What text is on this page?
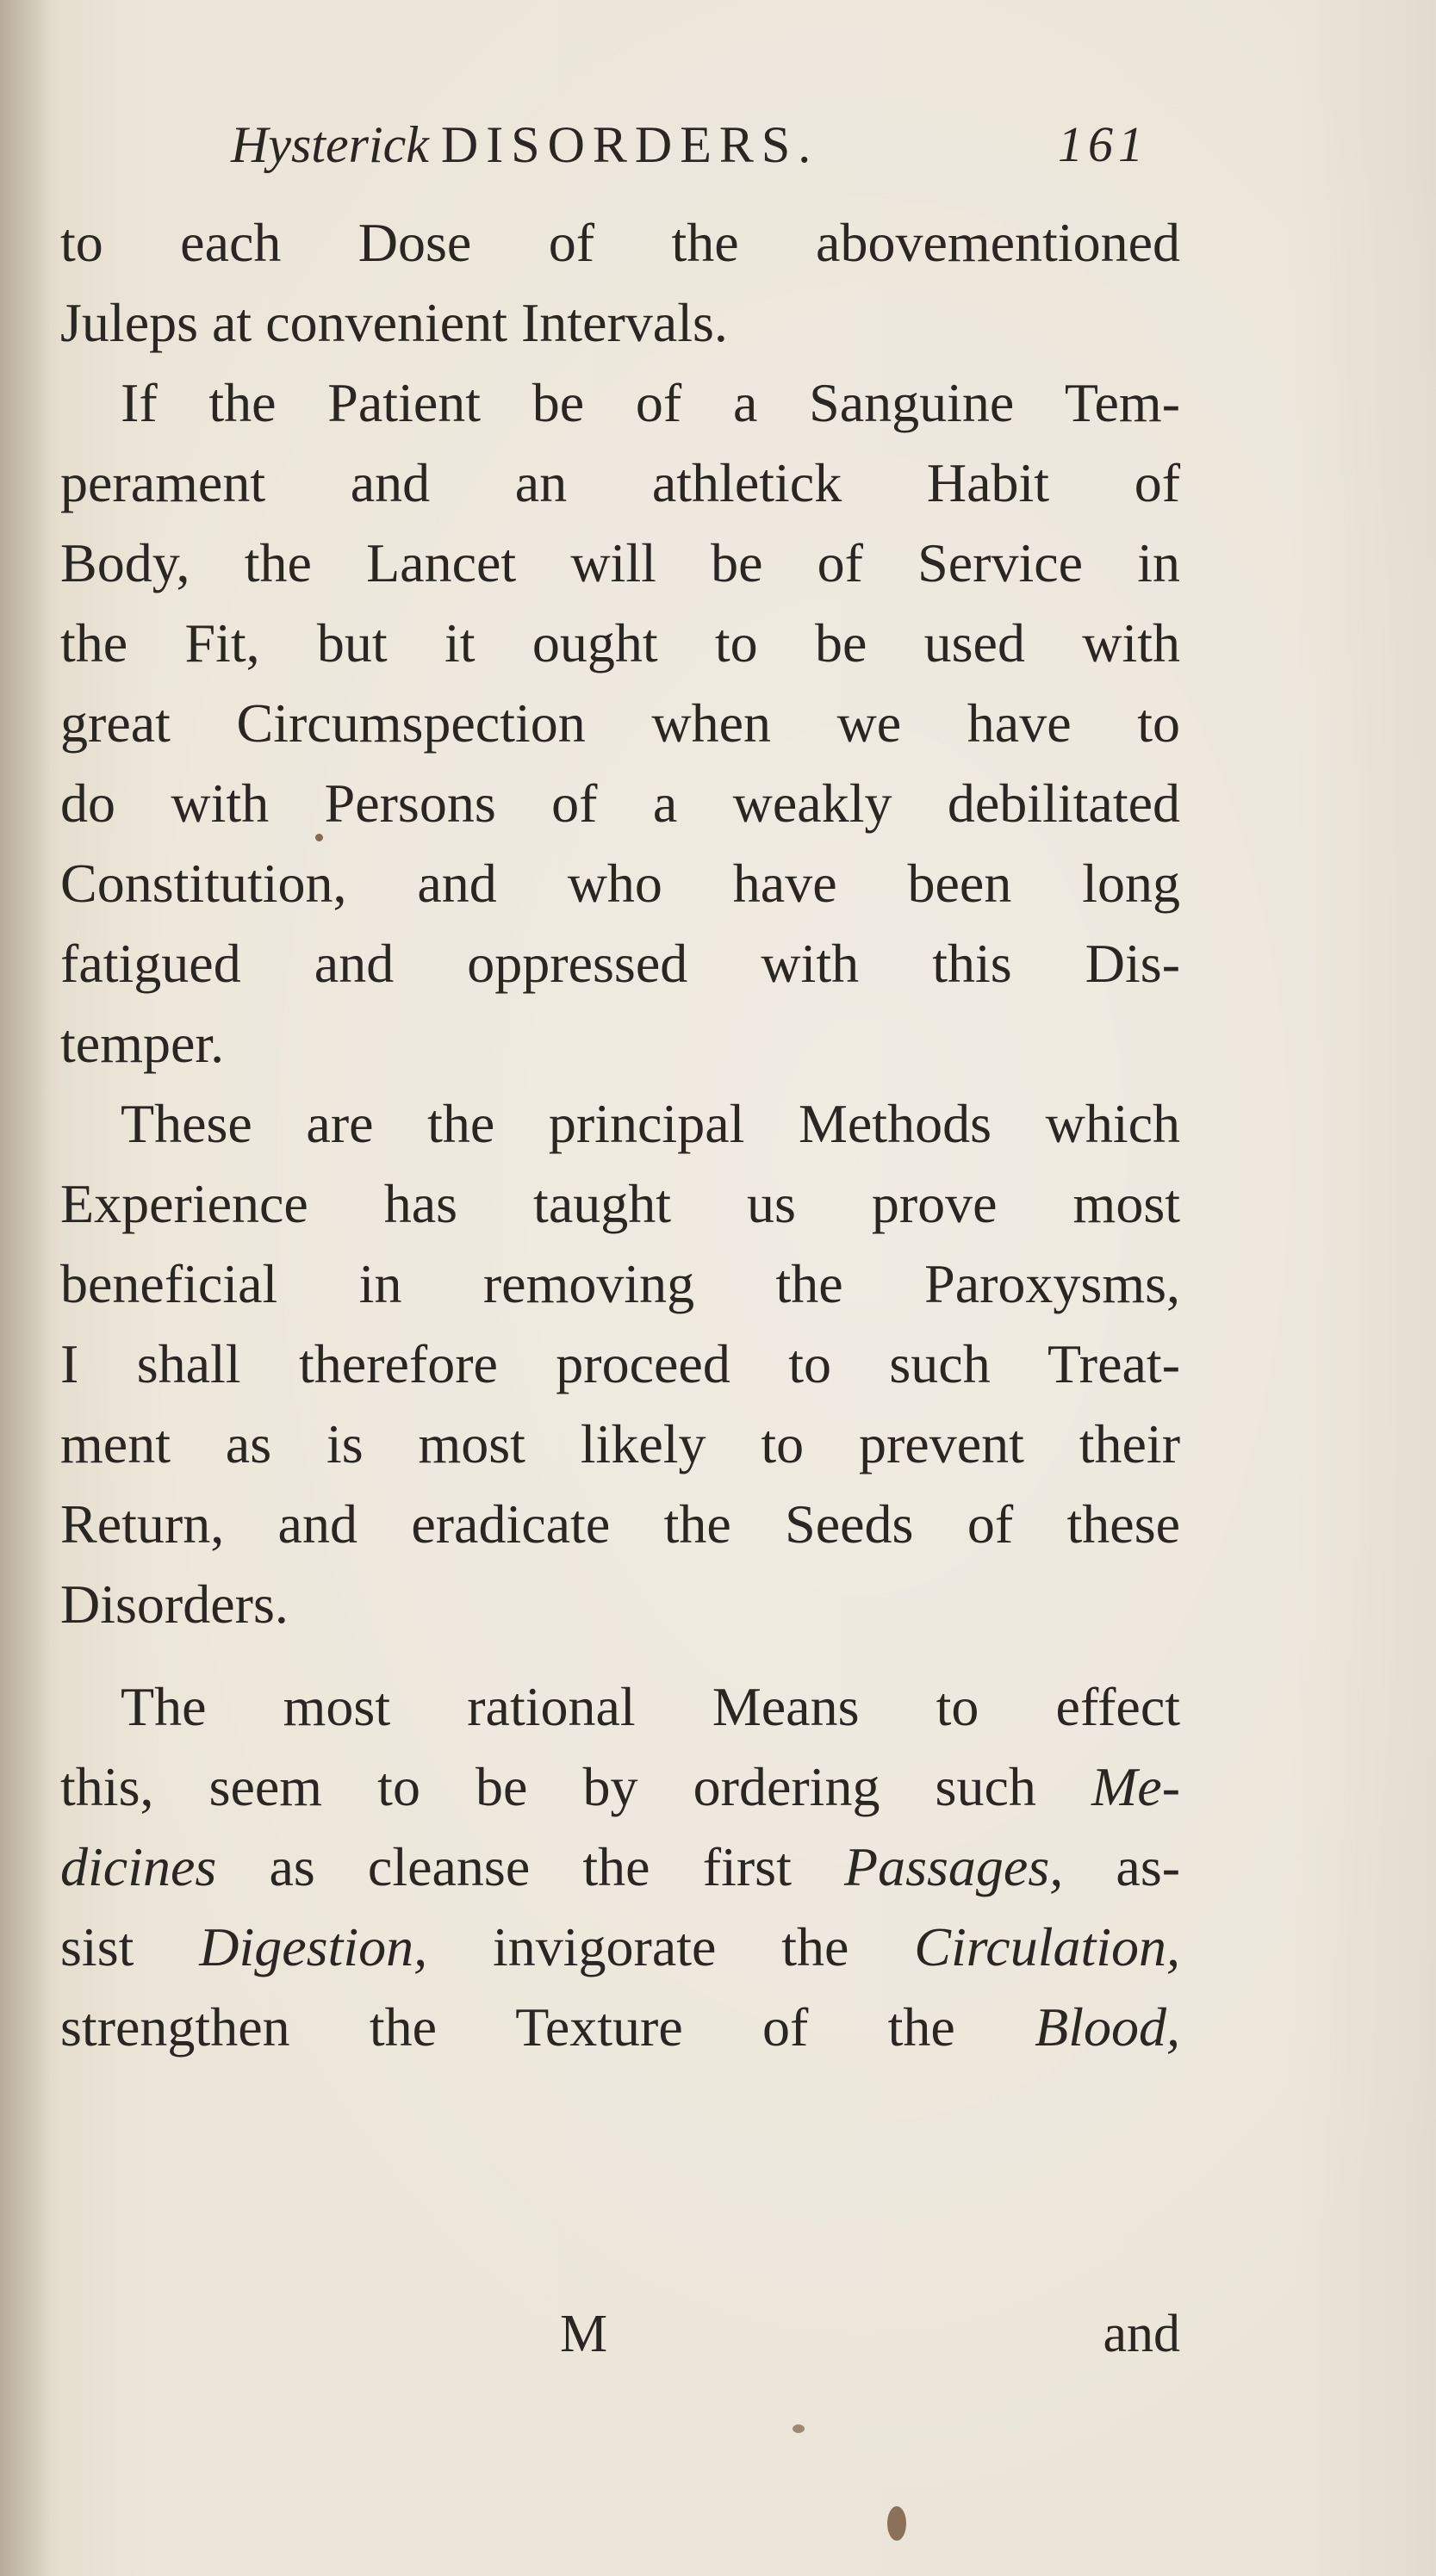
Hysterick DISORDERS.	161
to each Dose of the abovementioned
Juleps at convenient Intervals.
If the Patient be of a Sanguine Tem-
perament and an athletick Habit of
Body, the Lancet will be of Service in
the Fit, but it ought to be used with
great Circumspection when we have to
do with Persons of a weakly debilitated
Constitution, and who have been long
fatigued and oppressed with this Dis-
temper.
These are the principal Methods which
Experience has taught us prove most
beneficial in removing the Paroxysms,
I shall therefore proceed to such Treat-
ment as is most likely to prevent their
Return, and eradicate the Seeds of these
Disorders.
The most rational Means to effect
this, seem to be by ordering such Me-
dicines as cleanse the first Passages, as-
sist Digestion, invigorate the Circulation,
strengthen the Texture of the Blood,
M	and
